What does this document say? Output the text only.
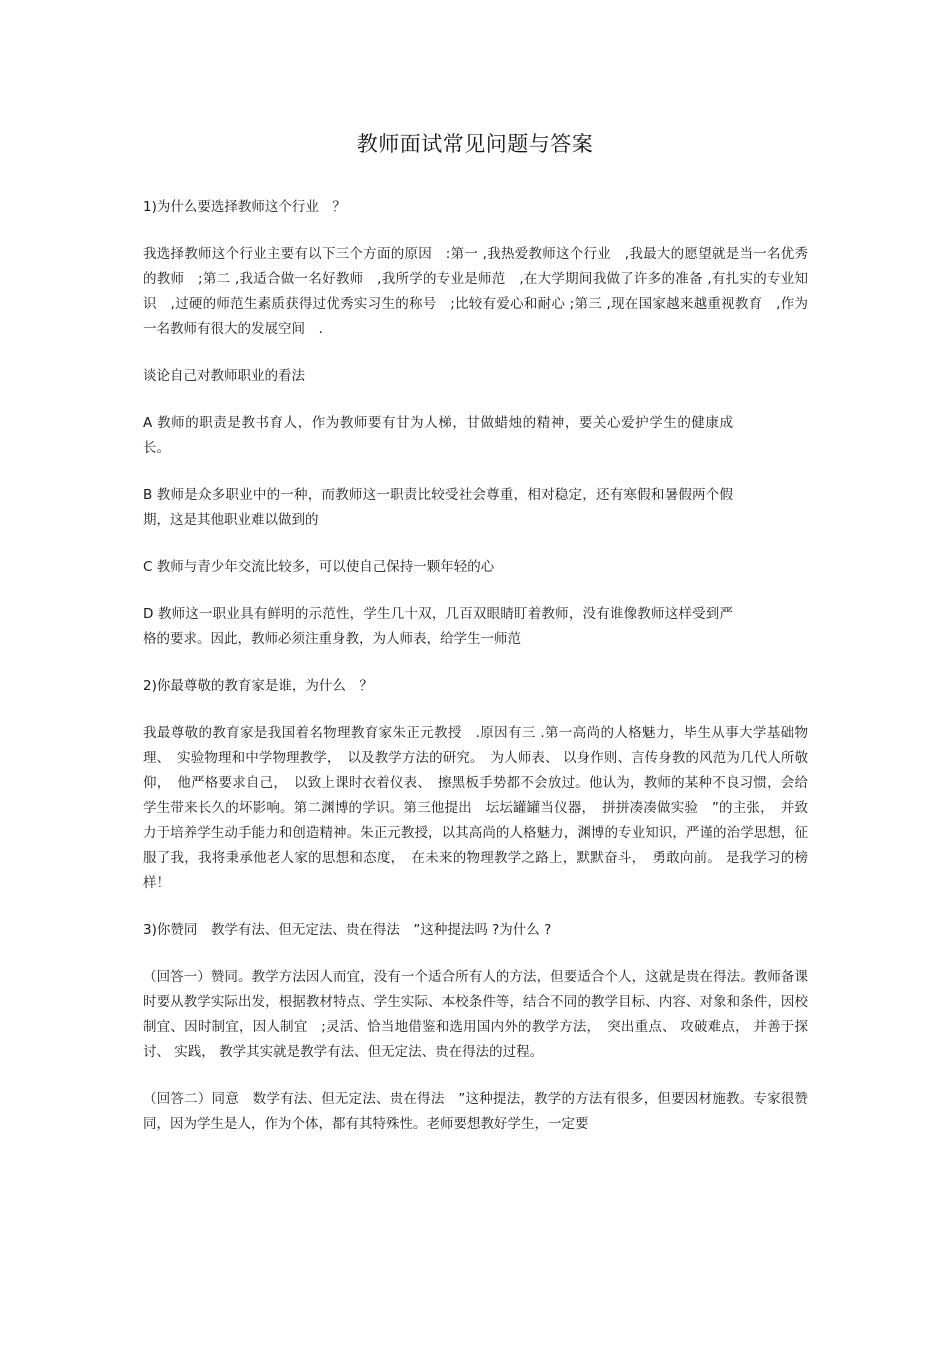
教师面试常见问题与答案

1)为什么要选择教师这个行业　？

我选择教师这个行业主要有以下三个方面的原因　:第一 ,我热爱教师这个行业　,我最大的愿望就是当一名优秀的教师　;第二 ,我适合做一名好教师　,我所学的专业是师范　,在大学期间我做了许多的准备 ,有扎实的专业知识　,过硬的师范生素质获得过优秀实习生的称号　;比较有爱心和耐心 ;第三 ,现在国家越来越重视教育　,作为一名教师有很大的发展空间　.

谈论自己对教师职业的看法

A 教师的职责是教书育人，作为教师要有甘为人梯，甘做蜡烛的精神，要关心爱护学生的健康成长。

B 教师是众多职业中的一种，而教师这一职责比较受社会尊重，相对稳定，还有寒假和暑假两个假期，这是其他职业难以做到的

C 教师与青少年交流比较多，可以使自己保持一颗年轻的心

D 教师这一职业具有鲜明的示范性，学生几十双，几百双眼睛盯着教师，没有谁像教师这样受到严格的要求。因此，教师必须注重身教，为人师表，给学生一师范

2)你最尊敬的教育家是谁，为什么　？

我最尊敬的教育家是我国着名物理教育家朱正元教授　.原因有三 .第一高尚的人格魅力，毕生从事大学基础物理、　实验物理和中学物理教学，　以及教学方法的研究。　为人师表、 以身作则、言传身教的风范为几代人所敬仰，　他严格要求自己，　以致上课时衣着仪表、　擦黑板手势都不会放过。他认为，教师的某种不良习惯，会给学生带来长久的坏影响。第二渊博的学识。第三他提出　坛坛罐罐当仪器，　拼拼凑凑做实验　”的主张，　并致力于培养学生动手能力和创造精神。朱正元教授，以其高尚的人格魅力，渊博的专业知识，严谨的治学思想，征服了我，我将秉承他老人家的思想和态度，　在未来的物理教学之路上，默默奋斗，　勇敢向前。 是我学习的榜样！

3)你赞同　教学有法、但无定法、贵在得法　”这种提法吗 ?为什么 ?

（回答一）赞同。教学方法因人而宜，没有一个适合所有人的方法，但要适合个人，这就是贵在得法。教师备课时要从教学实际出发，根据教材特点、学生实际、本校条件等，结合不同的教学目标、内容、对象和条件，因校制宜、因时制宜，因人制宜　;灵活、恰当地借鉴和选用国内外的教学方法，　突出重点、 攻破难点， 并善于探讨、 实践， 教学其实就是教学有法、但无定法、贵在得法的过程。

（回答二）同意　数学有法、但无定法、贵在得法　”这种提法，教学的方法有很多，但要因材施教。专家很赞同，因为学生是人，作为个体，都有其特殊性。老师要想教好学生，一定要
